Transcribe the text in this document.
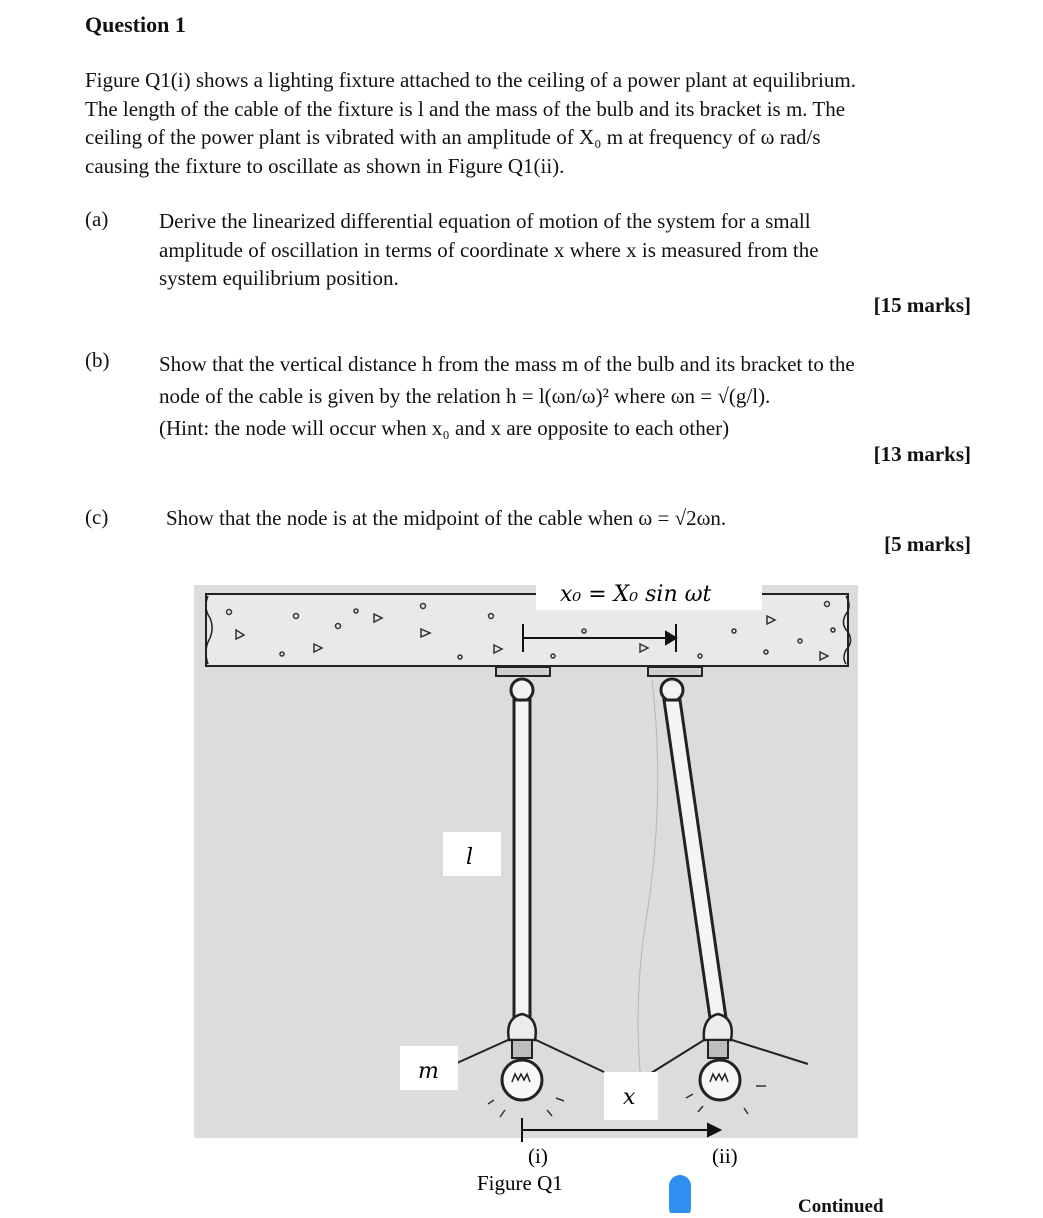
Question 1
Figure Q1(i) shows a lighting fixture attached to the ceiling of a power plant at equilibrium.
The length of the cable of the fixture is l and the mass of the bulb and its bracket is m. The
ceiling of the power plant is vibrated with an amplitude of X₀ m at frequency of ω rad/s
causing the fixture to oscillate as shown in Figure Q1(ii).
(a) Derive the linearized differential equation of motion of the system for a small
amplitude of oscillation in terms of coordinate x where x is measured from the
system equilibrium position.
[15 marks]
(b) Show that the vertical distance h from the mass m of the bulb and its bracket to the
node of the cable is given by the relation h = l(ωn/ω)² where ωn = √(g/l).
(Hint: the node will occur when x₀ and x are opposite to each other)
[13 marks]
(c)	Show that the node is at the midpoint of the cable when ω = √2ωn.
[5 marks]
x₀ = X₀ sin ωt
l
m
x
(i)	(ii)
Figure Q1
Continued
